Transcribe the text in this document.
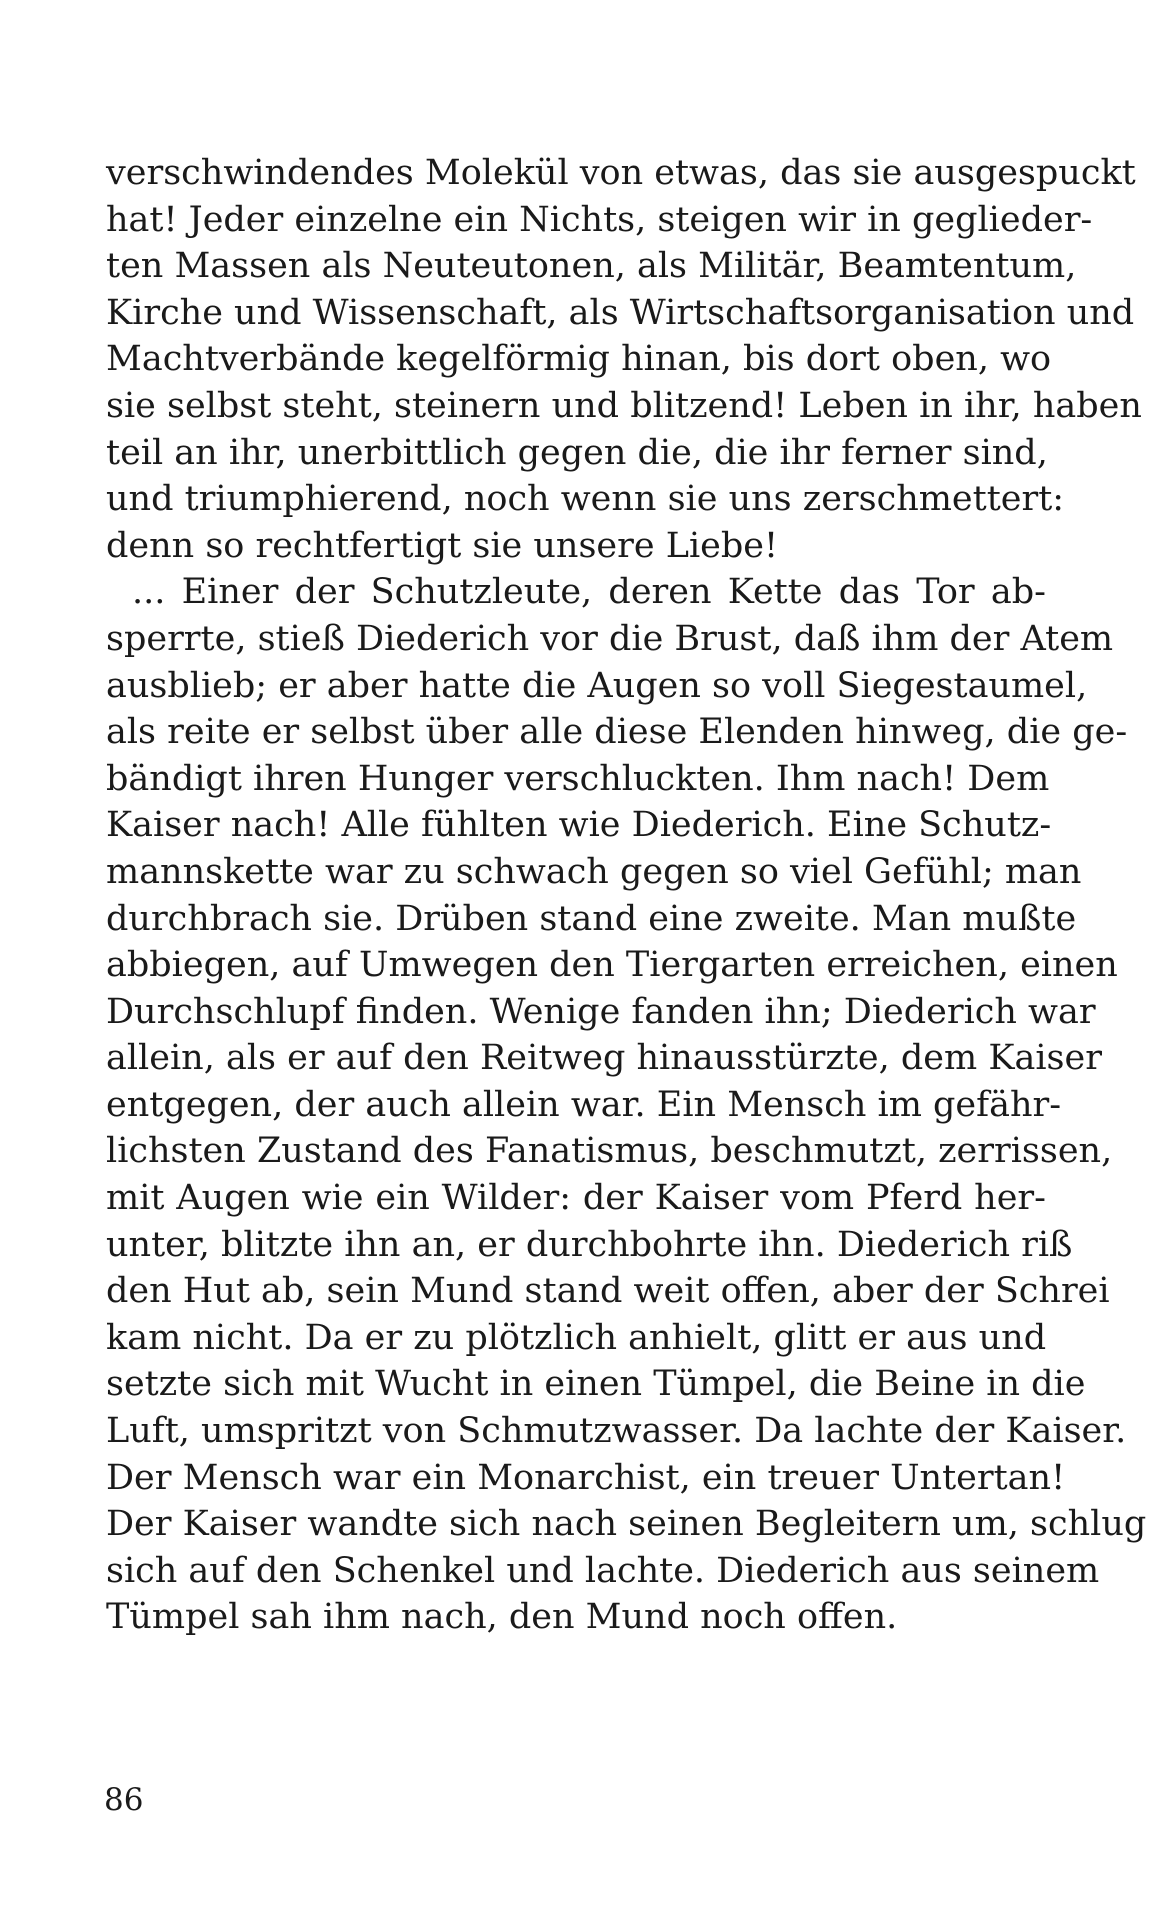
verschwindendes Molekül von etwas, das sie ausgespuckt
hat! Jeder einzelne ein Nichts, steigen wir in geglieder-
ten Massen als Neuteutonen, als Militär, Beamtentum,
Kirche und Wissenschaft, als Wirtschaftsorganisation und
Machtverbände kegelförmig hinan, bis dort oben, wo
sie selbst steht, steinern und blitzend! Leben in ihr, haben
teil an ihr, unerbittlich gegen die, die ihr ferner sind,
und triumphierend, noch wenn sie uns zerschmettert:
denn so rechtfertigt sie unsere Liebe!
... Einer der Schutzleute, deren Kette das Tor ab-
sperrte, stieß Diederich vor die Brust, daß ihm der Atem
ausblieb; er aber hatte die Augen so voll Siegestaumel,
als reite er selbst über alle diese Elenden hinweg, die ge-
bändigt ihren Hunger verschluckten. Ihm nach! Dem
Kaiser nach! Alle fühlten wie Diederich. Eine Schutz-
mannskette war zu schwach gegen so viel Gefühl; man
durchbrach sie. Drüben stand eine zweite. Man mußte
abbiegen, auf Umwegen den Tiergarten erreichen, einen
Durchschlupf finden. Wenige fanden ihn; Diederich war
allein, als er auf den Reitweg hinausstürzte, dem Kaiser
entgegen, der auch allein war. Ein Mensch im gefähr-
lichsten Zustand des Fanatismus, beschmutzt, zerrissen,
mit Augen wie ein Wilder: der Kaiser vom Pferd her-
unter, blitzte ihn an, er durchbohrte ihn. Diederich riß
den Hut ab, sein Mund stand weit offen, aber der Schrei
kam nicht. Da er zu plötzlich anhielt, glitt er aus und
setzte sich mit Wucht in einen Tümpel, die Beine in die
Luft, umspritzt von Schmutzwasser. Da lachte der Kaiser.
Der Mensch war ein Monarchist, ein treuer Untertan!
Der Kaiser wandte sich nach seinen Begleitern um, schlug
sich auf den Schenkel und lachte. Diederich aus seinem
Tümpel sah ihm nach, den Mund noch offen.
86
